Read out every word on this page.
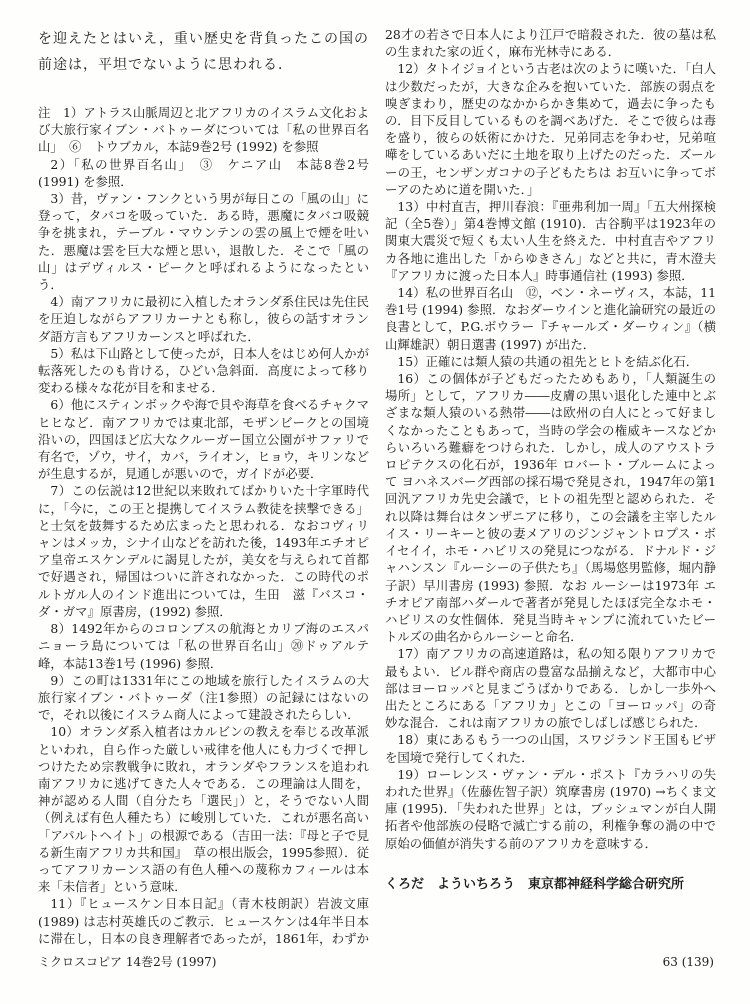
を迎えたとはいえ，重い歴史を背負ったこの国の前途は，平坦でないように思われる．

注　1）アトラス山脈周辺と北アフリカのイスラム文化および大旅行家イブン・バトゥーダについては「私の世界百名山」　⑥　トウブカル，本誌9巻2号 (1992) を参照

2）「私の世界百名山」　③　ケニア山　本誌8巻2号 (1991) を参照．

3）昔，ヴァン・フンクという男が毎日この「風の山」に登って，タバコを吸っていた．ある時，悪魔にタバコ吸競争を挑まれ，テーブル・マウンテンの雲の風上で煙を吐いた．悪魔は雲を巨大な煙と思い，退散した．そこで「風の山」はデヴィルス・ピークと呼ばれるようになったという．

4）南アフリカに最初に入植したオランダ系住民は先住民を圧迫しながらアフリカーナとも称し，彼らの話すオランダ語方言もアフリカーンスと呼ばれた．

5）私は下山路として使ったが，日本人をはじめ何人かが転落死したのも肯ける，ひどい急斜面．高度によって移り変わる様々な花が目を和ませる．

6）他にスティンボックや海で貝や海草を食べるチャクマヒヒなど．南アフリカでは東北部，モザンビークとの国境沿いの，四国ほど広大なクルーガー国立公園がサファリで有名で，ゾウ，サイ，カバ，ライオン，ヒョウ，キリンなどが生息するが，見通しが悪いので，ガイドが必要．

7）この伝説は12世紀以来敗れてばかりいた十字軍時代に，「今に，この王と提携してイスラム教徒を挟撃できる」と士気を鼓舞するため広まったと思われる．なおコヴィリャンはメッカ，シナイ山などを訪れた後，1493年エチオピア皇帝エスケンデルに謁見したが，美女を与えられて首都で好遇され，帰国はついに許されなかった．この時代のポルトガル人のインド進出については，生田　滋『バスコ・ダ・ガマ』原書房，(1992) 参照．

8）1492年からのコロンブスの航海とカリブ海のエスパニョーラ島については「私の世界百名山」⑳ドゥアルテ峰，本誌13巻1号 (1996) 参照．

9）この町は1331年にこの地域を旅行したイスラムの大旅行家イブン・バトゥーダ（注1参照）の記録にはないので，それ以後にイスラム商人によって建設されたらしい．

10）オランダ系入植者はカルビンの教えを奉じる改革派といわれ，自ら作った厳しい戒律を他人にも力づくで押しつけたため宗教戦争に敗れ，オランダやフランスを追われ南アフリカに逃げてきた人々である．この理論は人間を，神が認める人間（自分たち「選民」）と，そうでない人間（例えば有色人種たち）に峻別していた．これが悪名高い「アパルトヘイト」の根源である（吉田一法：『母と子で見る新生南アフリカ共和国』　草の根出版会，1995参照）．従ってアフリカーンス語の有色人種への蔑称カフィールは本来「未信者」という意味．

11）『ヒュースケン日本日記』（青木枝朗訳）岩波文庫 (1989) は志村英雄氏のご教示．ヒュースケンは4年半日本に滞在し，日本の良き理解者であったが，1861年，わずか28才の若さで日本人により江戸で暗殺された．彼の墓は私の生まれた家の近く，麻布光林寺にある．

12）タトイジョイという古老は次のように嘆いた．「白人は少数だったが，大きな企みを抱いていた．部族の弱点を嗅ぎまわり，歴史のなかからかき集めて，過去に争ったもの．目下反目しているものを調べあげた．そこで彼らは毒を盛り，彼らの妖術にかけた．兄弟同志を争わせ，兄弟喧嘩をしているあいだに土地を取り上げたのだった．ズールーの王，センザンガコナの子どもたちは お互いに争ってボーアのために道を開いた．」

13）中村直吉，押川春浪：『亜弗利加一周』「五大州探検記（全5巻）」第4巻博文館 (1910)．古谷駒平は1923年の関東大震災で短くも太い人生を終えた．中村直吉やアフリカ各地に進出した「からゆきさん」などと共に，青木澄夫『アフリカに渡った日本人』時事通信社 (1993) 参照．

14）私の世界百名山　⑫，ベン・ネーヴィス，本誌，11巻1号 (1994) 参照．なおダーウインと進化論研究の最近の良書として，P.G.ボウラー『チャールズ・ダーウィン』（横山輝雄訳）朝日選書 (1997) が出た．

15）正確には類人猿の共通の祖先とヒトを結ぶ化石．

16）この個体が子どもだったためもあり，「人類誕生の場所」として，アフリカ――皮膚の黒い退化した連中とぶざまな類人猿のいる熱帯――は欧州の白人にとって好ましくなかったこともあって，当時の学会の権威キースなどからいろいろ難癖をつけられた．しかし，成人のアウストラロピテクスの化石が，1936年 ロバート・ブルームによって ヨハネスバーグ西部の採石場で発見され，1947年の第1回汎アフリカ先史会議で，ヒトの祖先型と認められた．それ以降は舞台はタンザニアに移り，この会議を主宰したルイス・リーキーと彼の妻メアリのジンジャントロプス・ボイセイイ，ホモ・ハビリスの発見につながる．ドナルド・ジャハンスン『ルーシーの子供たち』（馬場悠男監修，堀内静子訳）早川書房 (1993) 参照．なお ルーシーは1973年 エチオピア南部ハダールで著者が発見したほぼ完全なホモ・ハビリスの女性個体．発見当時キャンプに流れていたビートルズの曲名からルーシーと命名．

17）南アフリカの高速道路は，私の知る限りアフリカで最もよい．ビル群や商店の豊富な品揃えなど，大都市中心部はヨーロッパと見まごうばかりである．しかし一歩外へ出たところにある「アフリカ」とこの「ヨーロッパ」の奇妙な混合．これは南アフリカの旅でしばしば感じられた．

18）東にあるもう一つの山国，スワジランド王国もビザを国境で発行してくれた．

19）ローレンス・ヴァン・デル・ポスト『カラハリの失われた世界』（佐藤佐智子訳）筑摩書房 (1970) →ちくま文庫 (1995)．「失われた世界」とは，ブッシュマンが白人開拓者や他部族の侵略で滅亡する前の，利権争奪の渦の中で原始の価値が消失する前のアフリカを意味する．

くろだ　よういちろう　東京都神経科学総合研究所

ミクロスコピア 14巻2号 (1997)	63 (139)
